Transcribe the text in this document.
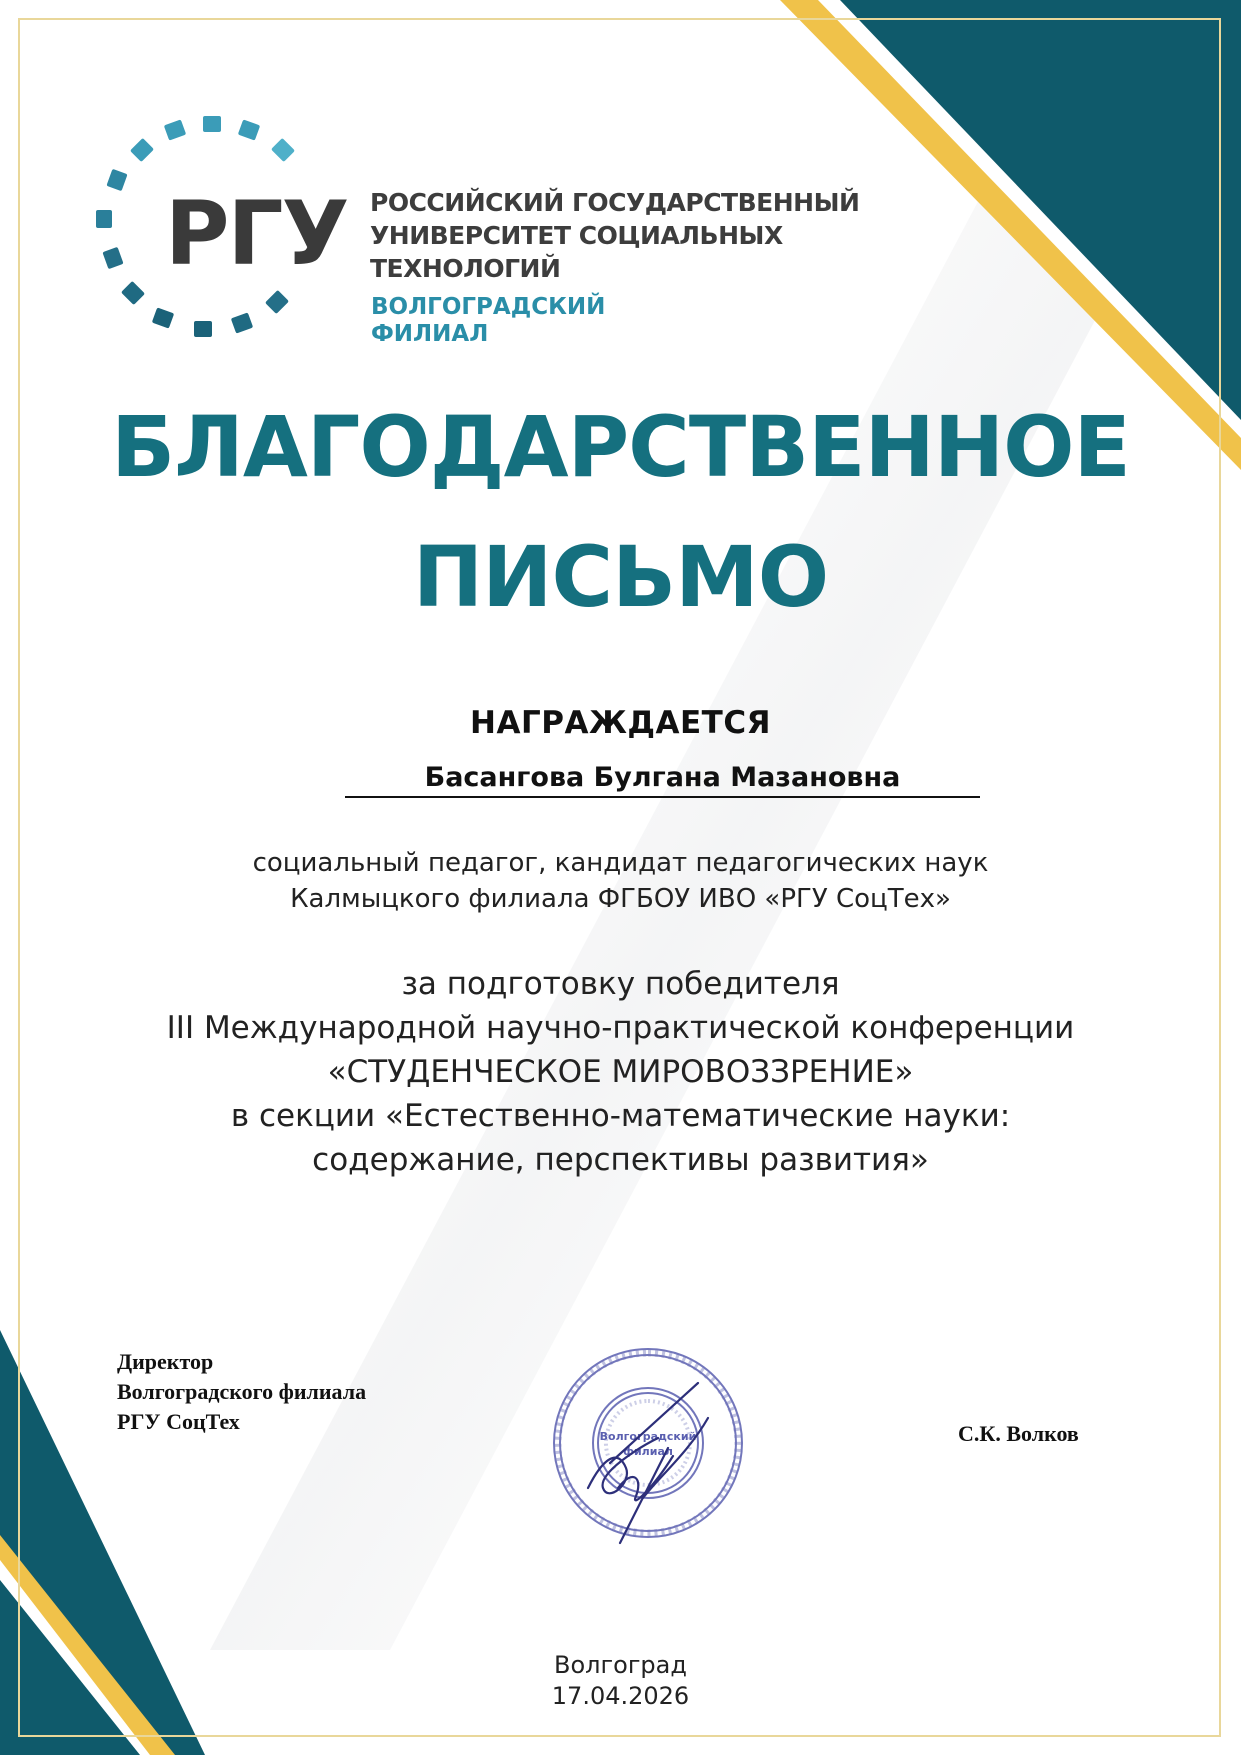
РГУ РОССИЙСКИЙ ГОСУДАРСТВЕННЫЙ
УНИВЕРСИТЕТ СОЦИАЛЬНЫХ
ТЕХНОЛОГИЙ
ВОЛГОГРАДСКИЙ
ФИЛИАЛ
БЛАГОДАРСТВЕННОЕ
ПИСЬМО
НАГРАЖДАЕТСЯ
Басангова Булгана Мазановна
социальный педагог, кандидат педагогических наук
Калмыцкого филиала ФГБОУ ИВО «РГУ СоцТех»
за подготовку победителя
III Международной научно-практической конференции
«СТУДЕНЧЕСКОЕ МИРОВОЗЗРЕНИЕ»
в секции «Естественно-математические науки:
содержание, перспективы развития»
Директор
Волгоградского филиала
РГУ СоцТех
Волгоградский
филиал
С.К. Волков
Волгоград
17.04.2026
